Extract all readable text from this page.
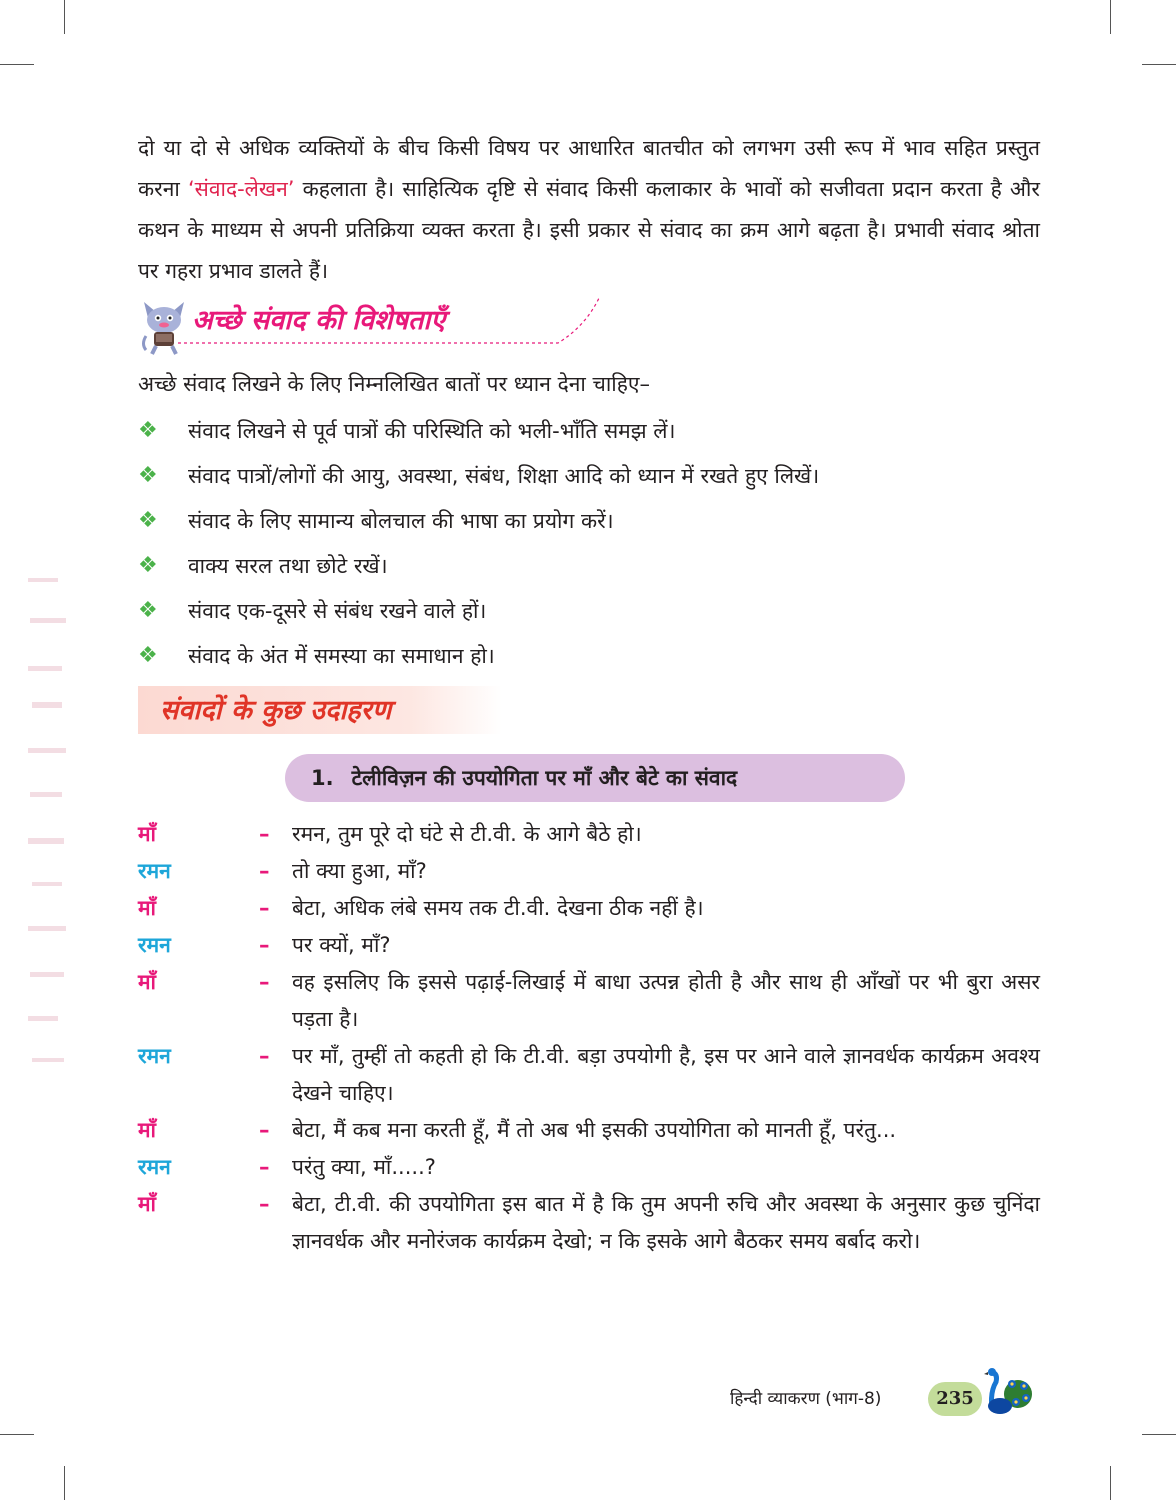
दो या दो से अधिक व्यक्तियों के बीच किसी विषय पर आधारित बातचीत को लगभग उसी रूप में भाव सहित प्रस्तुत करना ‘संवाद-लेखन’ कहलाता है। साहित्यिक दृष्टि से संवाद किसी कलाकार के भावों को सजीवता प्रदान करता है और कथन के माध्यम से अपनी प्रतिक्रिया व्यक्त करता है। इसी प्रकार से संवाद का क्रम आगे बढ़ता है। प्रभावी संवाद श्रोता पर गहरा प्रभाव डालते हैं।

अच्छे संवाद की विशेषताएँ

अच्छे संवाद लिखने के लिए निम्नलिखित बातों पर ध्यान देना चाहिए–

❖	संवाद लिखने से पूर्व पात्रों की परिस्थिति को भली-भाँति समझ लें।
❖	संवाद पात्रों/लोगों की आयु, अवस्था, संबंध, शिक्षा आदि को ध्यान में रखते हुए लिखें।
❖	संवाद के लिए सामान्य बोलचाल की भाषा का प्रयोग करें।
❖	वाक्य सरल तथा छोटे रखें।
❖	संवाद एक-दूसरे से संबंध रखने वाले हों।
❖	संवाद के अंत में समस्या का समाधान हो।
संवादों के कुछ उदाहरण
1. टेलीविज़न की उपयोगिता पर माँ और बेटे का संवाद
माँ	– रमन, तुम पूरे दो घंटे से टी.वी. के आगे बैठे हो।
रमन	– तो क्या हुआ, माँ?
माँ	– बेटा, अधिक लंबे समय तक टी.वी. देखना ठीक नहीं है।
रमन	– पर क्यों, माँ?
माँ	– वह इसलिए कि इससे पढ़ाई-लिखाई में बाधा उत्पन्न होती है और साथ ही आँखों पर भी बुरा असर पड़ता है।
रमन	– पर माँ, तुम्हीं तो कहती हो कि टी.वी. बड़ा उपयोगी है, इस पर आने वाले ज्ञानवर्धक कार्यक्रम अवश्य देखने चाहिए।
माँ	– बेटा, मैं कब मना करती हूँ, मैं तो अब भी इसकी उपयोगिता को मानती हूँ, परंतु...
रमन	– परंतु क्या, माँ.....?
माँ	– बेटा, टी.वी. की उपयोगिता इस बात में है कि तुम अपनी रुचि और अवस्था के अनुसार कुछ चुनिंदा ज्ञानवर्धक और मनोरंजक कार्यक्रम देखो; न कि इसके आगे बैठकर समय बर्बाद करो।
हिन्दी व्याकरण (भाग-8)	235
